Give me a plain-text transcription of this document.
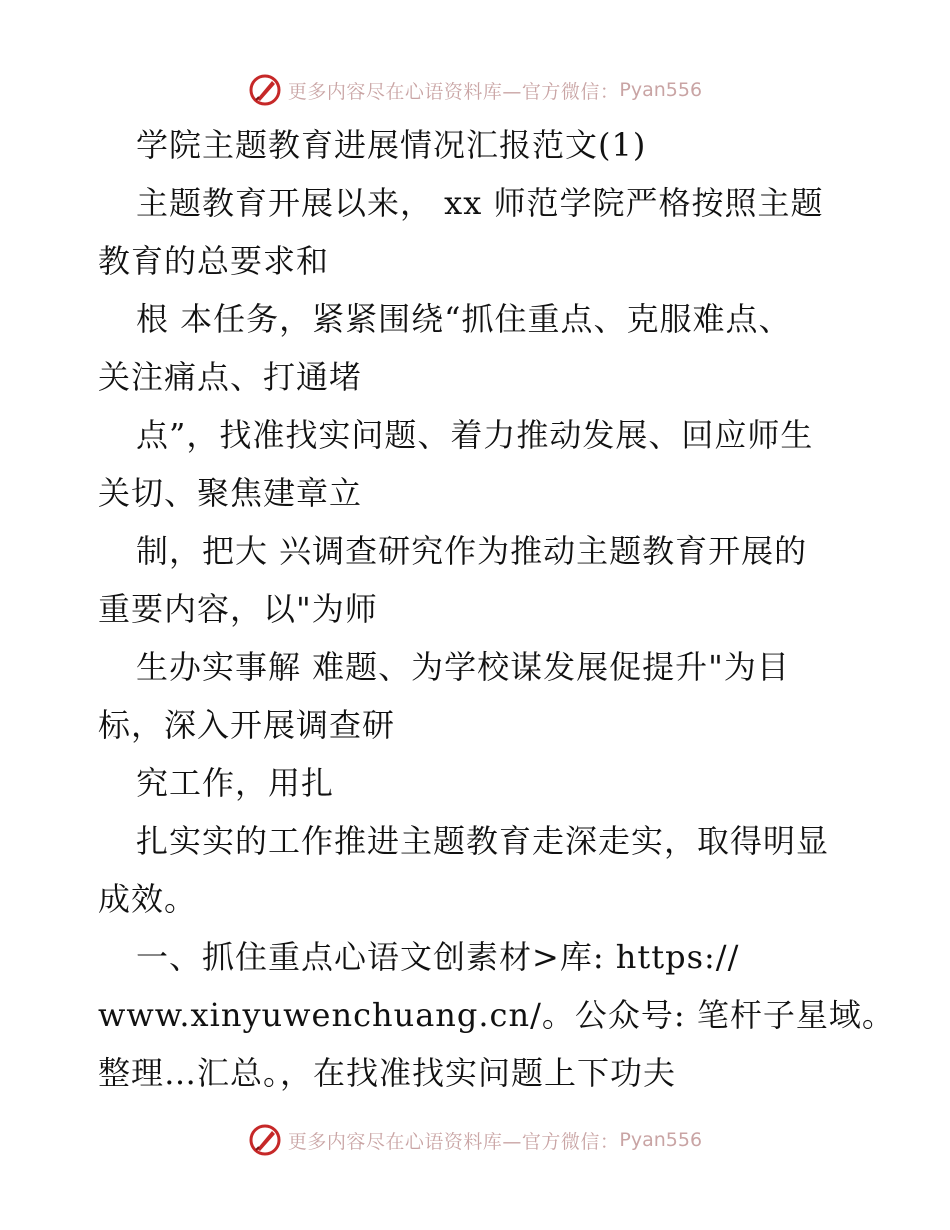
更多内容尽在心语资料库—官方微信： Pyan556
学院主题教育进展情况汇报范文(1)
主题教育开展以来， xx 师范学院严格按照主题
教育的总要求和
根 本任务，紧紧围绕“抓住重点、克服难点、
关注痛点、打通堵
点”，找准找实问题、着力推动发展、回应师生
关切、聚焦建章立
制，把大 兴调查研究作为推动主题教育开展的
重要内容，以"为师
生办实事解 难题、为学校谋发展促提升"为目
标，深入开展调查研
究工作，用扎
扎实实的工作推进主题教育走深走实，取得明显
成效。
一、抓住重点心语文创素材>库: https://
www.xinyuwenchuang.cn/。公众号: 笔杆子星域。
整理…汇总。，在找准找实问题上下功夫
更多内容尽在心语资料库—官方微信： Pyan556
